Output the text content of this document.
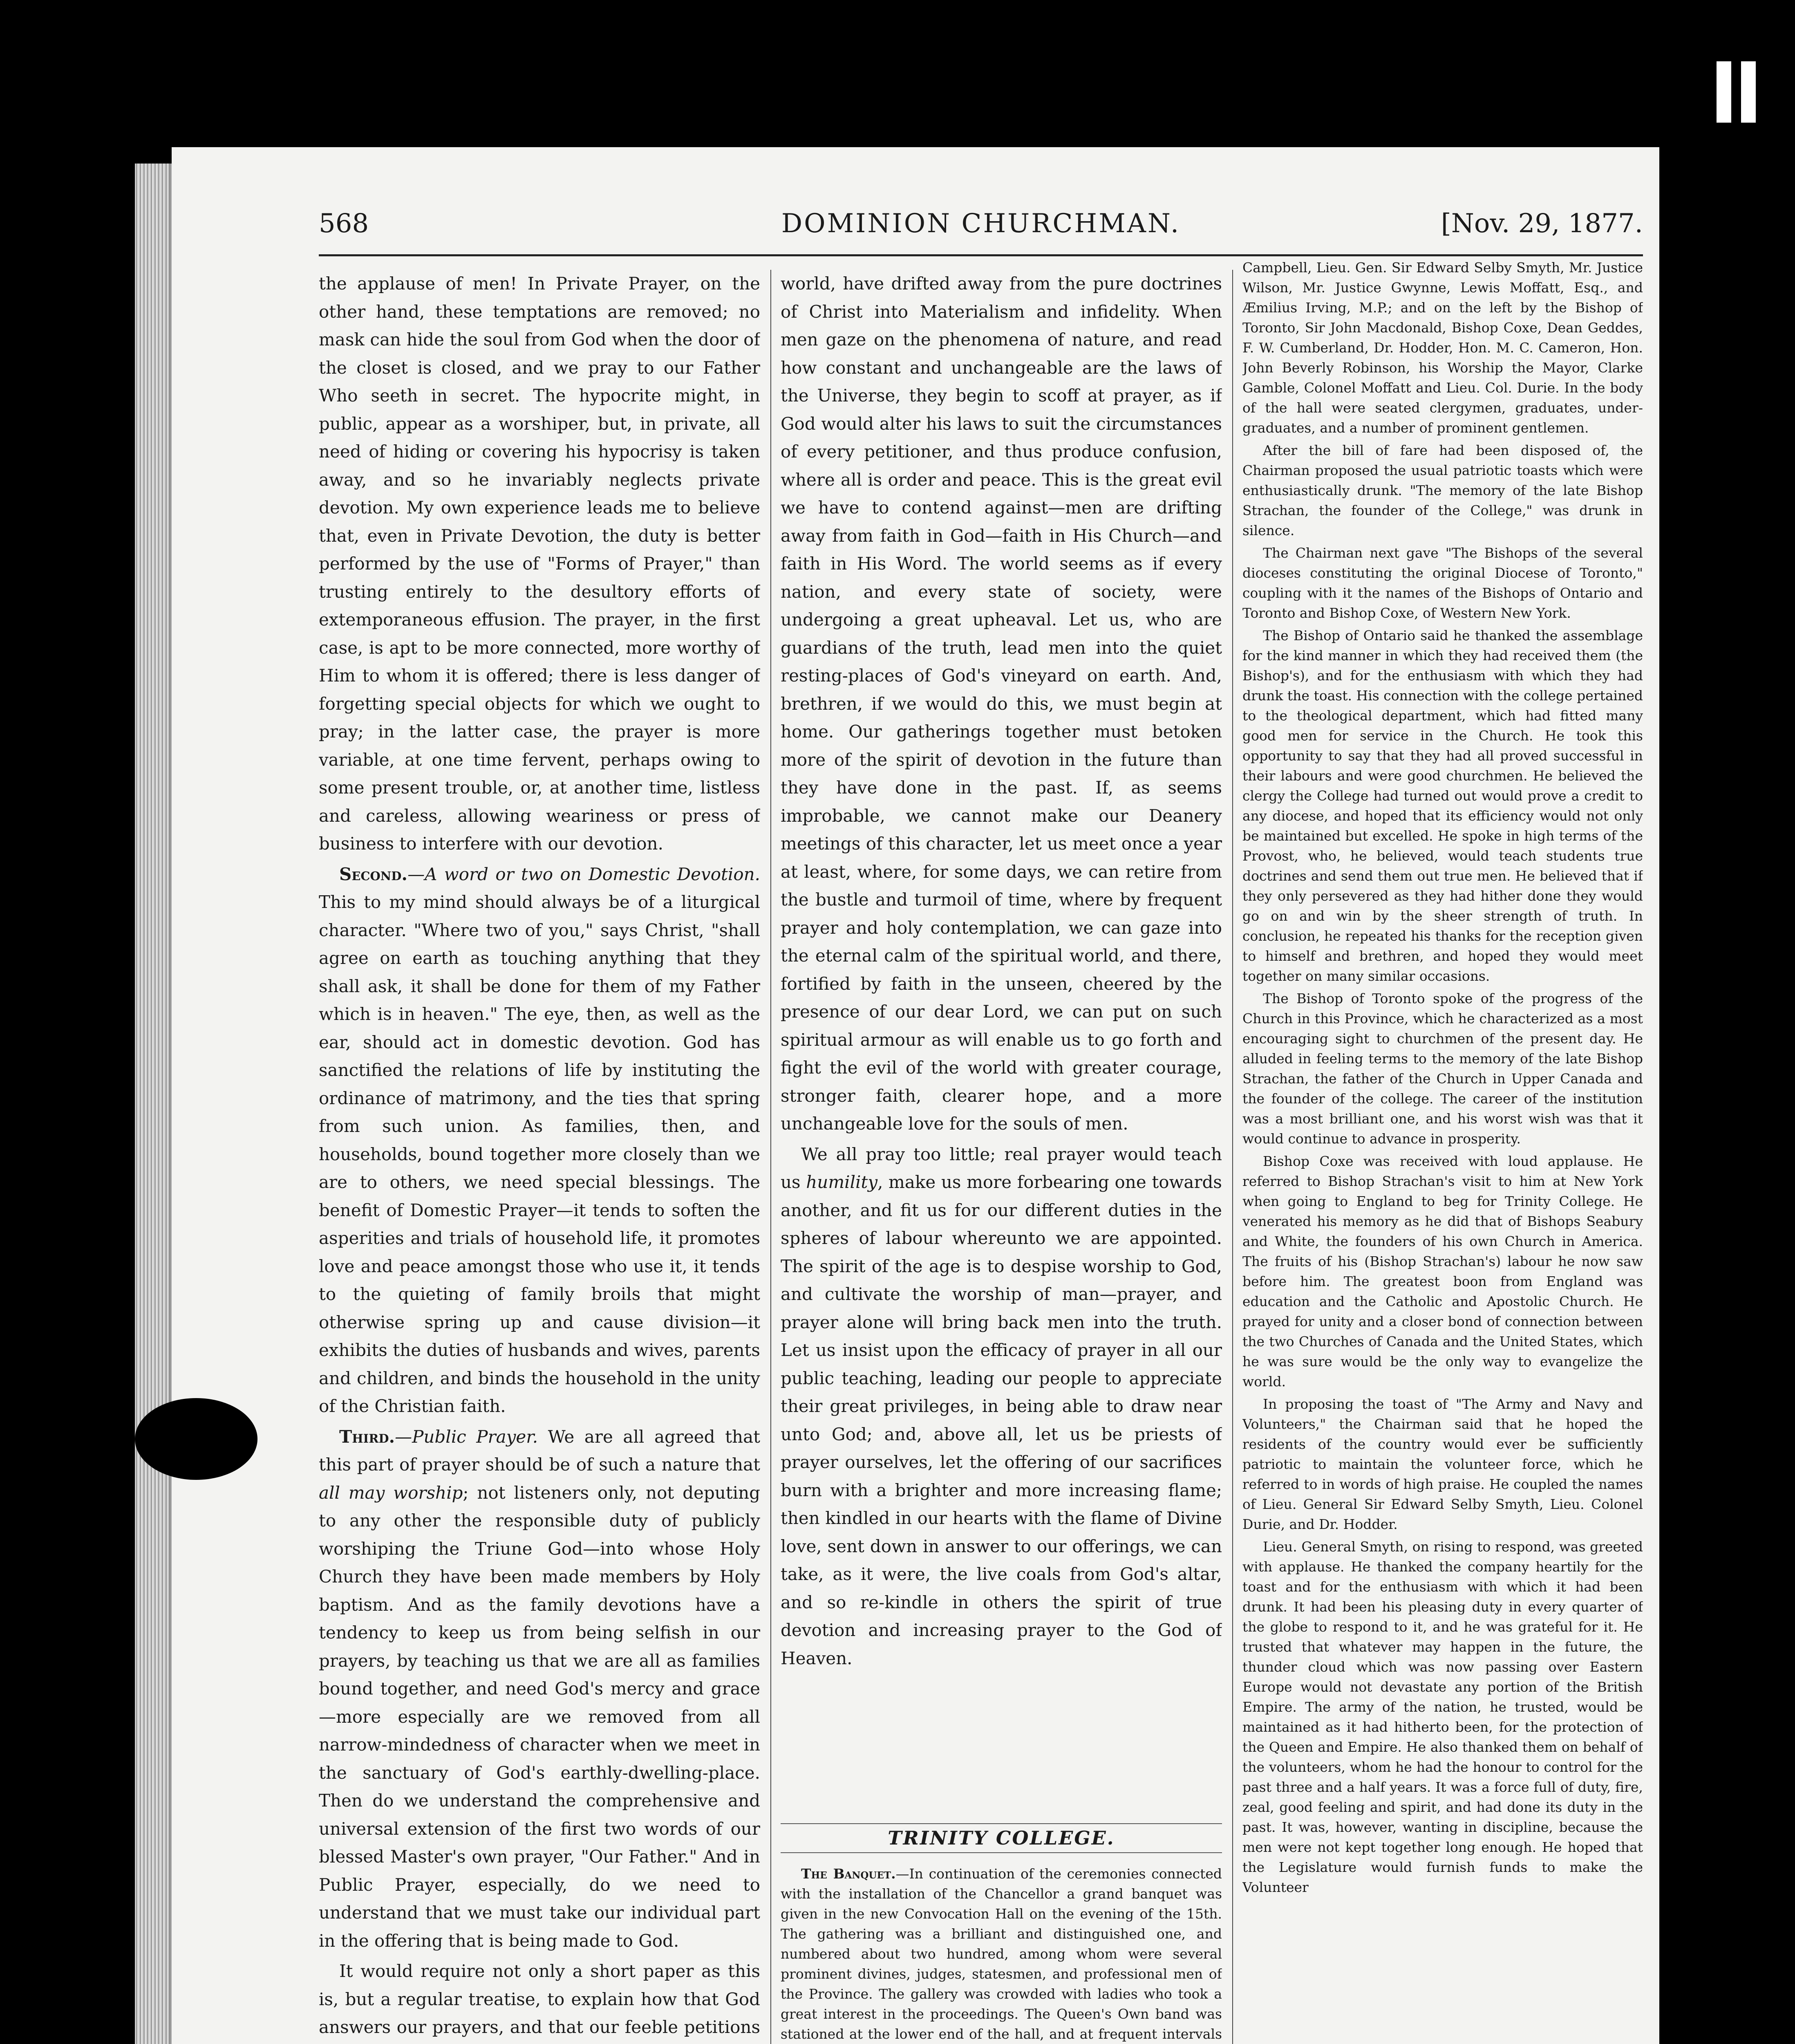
568	DOMINION CHURCHMAN.	[Nov. 29, 1877.

the applause of men! In Private Prayer, on the other hand, these temptations are removed; no mask can hide the soul from God when the door of the closet is closed, and we pray to our Father Who seeth in secret. The hypocrite might, in public, appear as a worshiper, but, in private, all need of hiding or covering his hypocrisy is taken away, and so he invariably neglects private devotion. My own experience leads me to believe that, even in Private Devotion, the duty is better performed by the use of "Forms of Prayer," than trusting entirely to the desultory efforts of extemporaneous effusion. The prayer, in the first case, is apt to be more connected, more worthy of Him to whom it is offered; there is less danger of forgetting special objects for which we ought to pray; in the latter case, the prayer is more variable, at one time fervent, perhaps owing to some present trouble, or, at another time, listless and careless, allowing weariness or press of business to interfere with our devotion.

Second.—A word or two on Domestic Devotion. This to my mind should always be of a liturgical character. "Where two of you," says Christ, "shall agree on earth as touching anything that they shall ask, it shall be done for them of my Father which is in heaven." The eye, then, as well as the ear, should act in domestic devotion. God has sanctified the relations of life by instituting the ordinance of matrimony, and the ties that spring from such union. As families, then, and households, bound together more closely than we are to others, we need special blessings. The benefit of Domestic Prayer—it tends to soften the asperities and trials of household life, it promotes love and peace amongst those who use it, it tends to the quieting of family broils that might otherwise spring up and cause division—it exhibits the duties of husbands and wives, parents and children, and binds the household in the unity of the Christian faith.

Third.—Public Prayer. We are all agreed that this part of prayer should be of such a nature that all may worship; not listeners only, not deputing to any other the responsible duty of publicly worshiping the Triune God—into whose Holy Church they have been made members by Holy baptism. And as the family devotions have a tendency to keep us from being selfish in our prayers, by teaching us that we are all as families bound together, and need God's mercy and grace—more especially are we removed from all narrow-mindedness of character when we meet in the sanctuary of God's earthly-dwelling-place. Then do we understand the comprehensive and universal extension of the first two words of our blessed Master's own prayer, "Our Father." And in Public Prayer, especially, do we need to understand that we must take our individual part in the offering that is being made to God.

It would require not only a short paper as this is, but a regular treatise, to explain how that God answers our prayers, and that our feeble petitions

world, have drifted away from the pure doctrines of Christ into Materialism and infidelity. When men gaze on the phenomena of nature, and read how constant and unchangeable are the laws of the Universe, they begin to scoff at prayer, as if God would alter his laws to suit the circumstances of every petitioner, and thus produce confusion, where all is order and peace. This is the great evil we have to contend against—men are drifting away from faith in God—faith in His Church—and faith in His Word. The world seems as if every nation, and every state of society, were undergoing a great upheaval. Let us, who are guardians of the truth, lead men into the quiet resting-places of God's vineyard on earth. And, brethren, if we would do this, we must begin at home. Our gatherings together must betoken more of the spirit of devotion in the future than they have done in the past. If, as seems improbable, we cannot make our Deanery meetings of this character, let us meet once a year at least, where, for some days, we can retire from the bustle and turmoil of time, where by frequent prayer and holy contemplation, we can gaze into the eternal calm of the spiritual world, and there, fortified by faith in the unseen, cheered by the presence of our dear Lord, we can put on such spiritual armour as will enable us to go forth and fight the evil of the world with greater courage, stronger faith, clearer hope, and a more unchangeable love for the souls of men.

We all pray too little; real prayer would teach us humility, make us more forbearing one towards another, and fit us for our different duties in the spheres of labour whereunto we are appointed. The spirit of the age is to despise worship to God, and cultivate the worship of man—prayer, and prayer alone will bring back men into the truth. Let us insist upon the efficacy of prayer in all our public teaching, leading our people to appreciate their great privileges, in being able to draw near unto God; and, above all, let us be priests of prayer ourselves, let the offering of our sacrifices burn with a brighter and more increasing flame; then kindled in our hearts with the flame of Divine love, sent down in answer to our offerings, we can take, as it were, the live coals from God's altar, and so re-kindle in others the spirit of true devotion and increasing prayer to the God of Heaven.

TRINITY COLLEGE.

The Banquet.—In continuation of the ceremonies connected with the installation of the Chancellor a grand banquet was given in the new Convocation Hall on the evening of the 15th. The gathering was a brilliant and distinguished one, and numbered about two hundred, among whom were several prominent divines, judges, statesmen, and professional men of the Province. The gallery was crowded with ladies who took a great interest in the proceedings. The Queen's Own band was stationed at the lower end of the hall, and at frequent intervals

Campbell, Lieu. Gen. Sir Edward Selby Smyth, Mr. Justice Wilson, Mr. Justice Gwynne, Lewis Moffatt, Esq., and Æmilius Irving, M.P.; and on the left by the Bishop of Toronto, Sir John Macdonald, Bishop Coxe, Dean Geddes, F. W. Cumberland, Dr. Hodder, Hon. M. C. Cameron, Hon. John Beverly Robinson, his Worship the Mayor, Clarke Gamble, Colonel Moffatt and Lieu. Col. Durie. In the body of the hall were seated clergymen, graduates, under-graduates, and a number of prominent gentlemen.

After the bill of fare had been disposed of, the Chairman proposed the usual patriotic toasts which were enthusiastically drunk. "The memory of the late Bishop Strachan, the founder of the College," was drunk in silence.

The Chairman next gave "The Bishops of the several dioceses constituting the original Diocese of Toronto," coupling with it the names of the Bishops of Ontario and Toronto and Bishop Coxe, of Western New York.

The Bishop of Ontario said he thanked the assemblage for the kind manner in which they had received them (the Bishop's), and for the enthusiasm with which they had drunk the toast. His connection with the college pertained to the theological department, which had fitted many good men for service in the Church. He took this opportunity to say that they had all proved successful in their labours and were good churchmen. He believed the clergy the College had turned out would prove a credit to any diocese, and hoped that its efficiency would not only be maintained but excelled. He spoke in high terms of the Provost, who, he believed, would teach students true doctrines and send them out true men. He believed that if they only persevered as they had hither done they would go on and win by the sheer strength of truth. In conclusion, he repeated his thanks for the reception given to himself and brethren, and hoped they would meet together on many similar occasions.

The Bishop of Toronto spoke of the progress of the Church in this Province, which he characterized as a most encouraging sight to churchmen of the present day. He alluded in feeling terms to the memory of the late Bishop Strachan, the father of the Church in Upper Canada and the founder of the college. The career of the institution was a most brilliant one, and his worst wish was that it would continue to advance in prosperity.

Bishop Coxe was received with loud applause. He referred to Bishop Strachan's visit to him at New York when going to England to beg for Trinity College. He venerated his memory as he did that of Bishops Seabury and White, the founders of his own Church in America. The fruits of his (Bishop Strachan's) labour he now saw before him. The greatest boon from England was education and the Catholic and Apostolic Church. He prayed for unity and a closer bond of connection between the two Churches of Canada and the United States, which he was sure would be the only way to evangelize the world.

In proposing the toast of "The Army and Navy and Volunteers," the Chairman said that he hoped the residents of the country would ever be sufficiently patriotic to maintain the volunteer force, which he referred to in words of high praise. He coupled the names of Lieu. General Sir Edward Selby Smyth, Lieu. Colonel Durie, and Dr. Hodder.

Lieu. General Smyth, on rising to respond, was greeted with applause. He thanked the company heartily for the toast and for the enthusiasm with which it had been drunk. It had been his pleasing duty in every quarter of the globe to respond to it, and he was grateful for it. He trusted that whatever may happen in the future, the thunder cloud which was now passing over Eastern Europe would not devastate any portion of the British Empire. The army of the nation, he trusted, would be maintained as it had hitherto been, for the protection of the Queen and Empire. He also thanked them on behalf of the volunteers, whom he had the honour to control for the past three and a half years. It was a force full of duty, fire, zeal, good feeling and spirit, and had done its duty in the past. It was, however, wanting in discipline, because the men were not kept together long enough. He hoped that the Legislature would furnish funds to make the Volunteer
